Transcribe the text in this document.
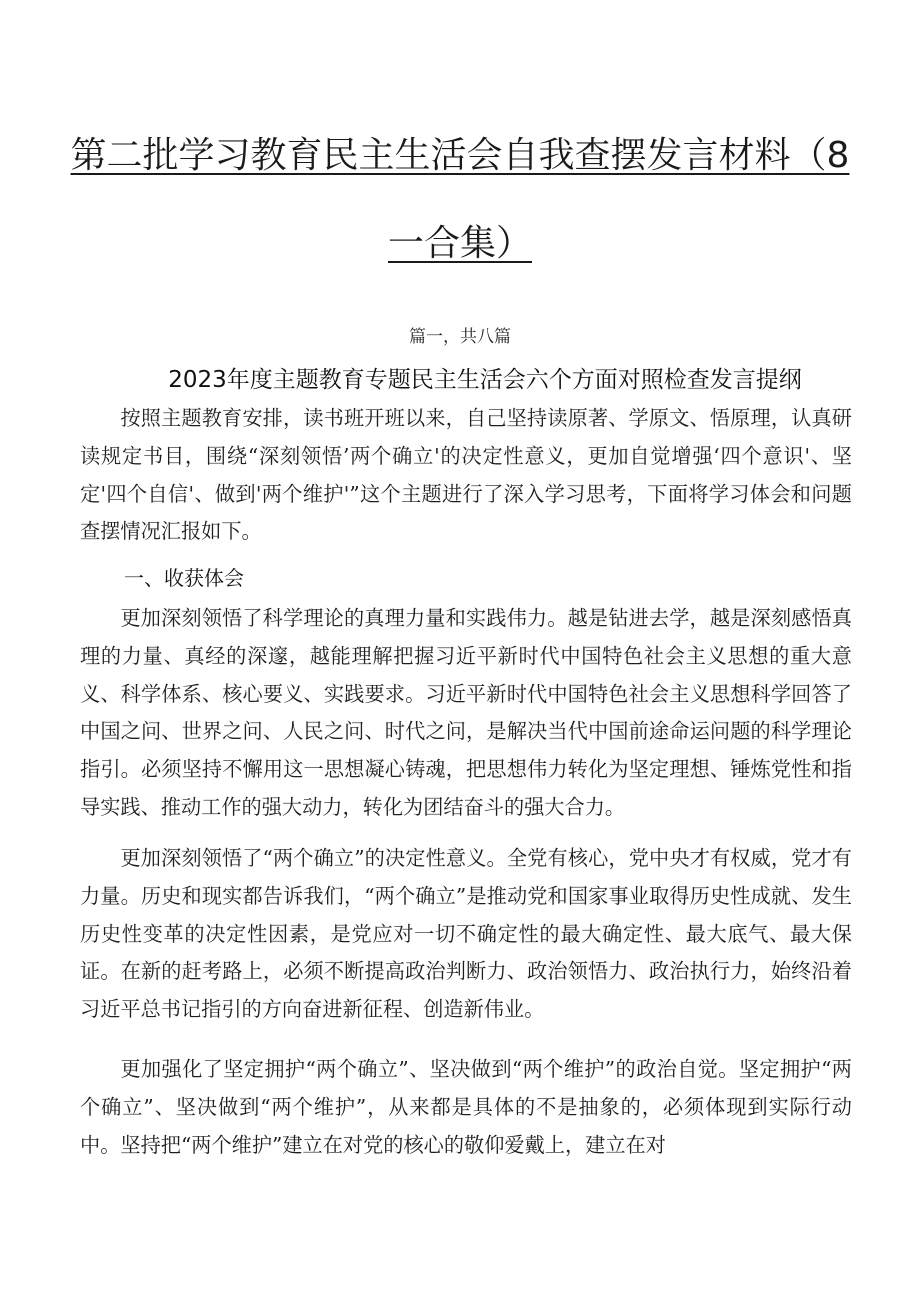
第二批学习教育民主生活会自我查摆发言材料（8
一合集）
篇一，共八篇
2023年度主题教育专题民主生活会六个方面对照检查发言提纲

按照主题教育安排，读书班开班以来，自己坚持读原著、学原文、悟原理，认真研读规定书目，围绕“深刻领悟’两个确立'的决定性意义，更加自觉增强‘四个意识'、坚定'四个自信'、做到'两个维护'”这个主题进行了深入学习思考，下面将学习体会和问题查摆情况汇报如下。

一、收获体会

更加深刻领悟了科学理论的真理力量和实践伟力。越是钻进去学，越是深刻感悟真理的力量、真经的深邃，越能理解把握习近平新时代中国特色社会主义思想的重大意义、科学体系、核心要义、实践要求。习近平新时代中国特色社会主义思想科学回答了中国之问、世界之问、人民之问、时代之问，是解决当代中国前途命运问题的科学理论指引。必须坚持不懈用这一思想凝心铸魂，把思想伟力转化为坚定理想、锤炼党性和指导实践、推动工作的强大动力，转化为团结奋斗的强大合力。

更加深刻领悟了“两个确立”的决定性意义。全党有核心，党中央才有权威，党才有力量。历史和现实都告诉我们，“两个确立”是推动党和国家事业取得历史性成就、发生历史性变革的决定性因素，是党应对一切不确定性的最大确定性、最大底气、最大保证。在新的赶考路上，必须不断提高政治判断力、政治领悟力、政治执行力，始终沿着习近平总书记指引的方向奋进新征程、创造新伟业。

更加强化了坚定拥护“两个确立”、坚决做到“两个维护”的政治自觉。坚定拥护“两个确立”、坚决做到“两个维护”，从来都是具体的不是抽象的，必须体现到实际行动中。坚持把“两个维护”建立在对党的核心的敬仰爱戴上，建立在对
